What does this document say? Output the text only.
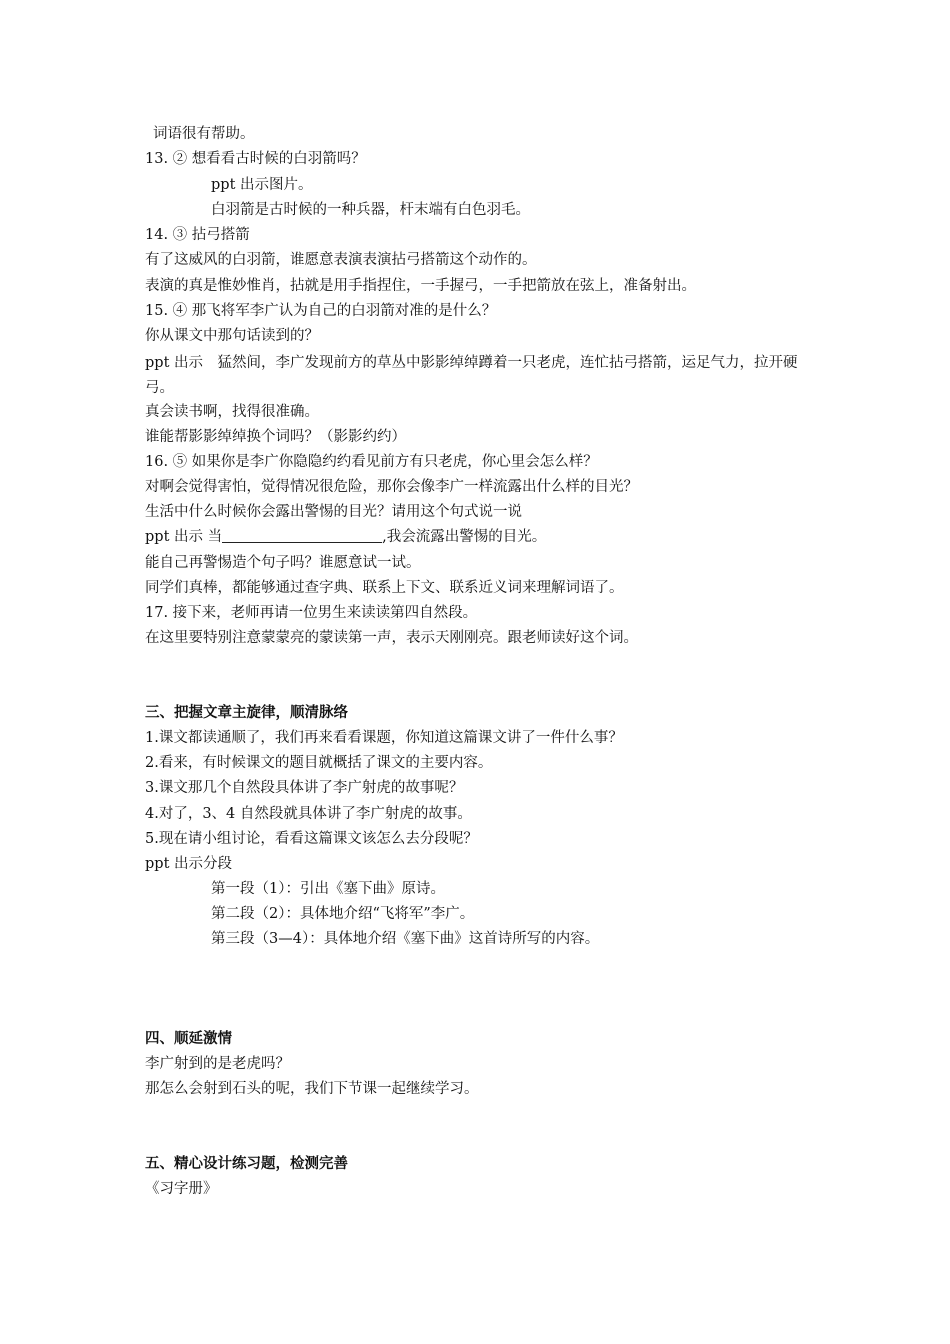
词语很有帮助。
13. ② 想看看古时候的白羽箭吗？
ppt 出示图片。
白羽箭是古时候的一种兵器，杆末端有白色羽毛。
14. ③ 拈弓搭箭
有了这威风的白羽箭，谁愿意表演表演拈弓搭箭这个动作的。
表演的真是惟妙惟肖，拈就是用手指捏住，一手握弓，一手把箭放在弦上，准备射出。
15. ④ 那飞将军李广认为自己的白羽箭对准的是什么？
你从课文中那句话读到的？
ppt 出示　猛然间，李广发现前方的草丛中影影绰绰蹲着一只老虎，连忙拈弓搭箭，运足气力，拉开硬弓。
真会读书啊，找得很准确。
谁能帮影影绰绰换个词吗？（影影约约）
16. ⑤ 如果你是李广你隐隐约约看见前方有只老虎，你心里会怎么样？
对啊会觉得害怕，觉得情况很危险，那你会像李广一样流露出什么样的目光？
生活中什么时候你会露出警惕的目光？请用这个句式说一说
ppt 出示 当	,我会流露出警惕的目光。
能自己再警惕造个句子吗？谁愿意试一试。
同学们真棒，都能够通过查字典、联系上下文、联系近义词来理解词语了。
17. 接下来，老师再请一位男生来读读第四自然段。
在这里要特别注意蒙蒙亮的蒙读第一声，表示天刚刚亮。跟老师读好这个词。
三、把握文章主旋律，顺清脉络
1.课文都读通顺了，我们再来看看课题，你知道这篇课文讲了一件什么事？
2.看来，有时候课文的题目就概括了课文的主要内容。
3.课文那几个自然段具体讲了李广射虎的故事呢？
4.对了，3、4 自然段就具体讲了李广射虎的故事。
5.现在请小组讨论，看看这篇课文该怎么去分段呢？
ppt 出示分段
第一段（1）：引出《塞下曲》原诗。
第二段（2）：具体地介绍“飞将军”李广。
第三段（3—4）：具体地介绍《塞下曲》这首诗所写的内容。
四、顺延激情
李广射到的是老虎吗？
那怎么会射到石头的呢，我们下节课一起继续学习。
五、精心设计练习题，检测完善
《习字册》
